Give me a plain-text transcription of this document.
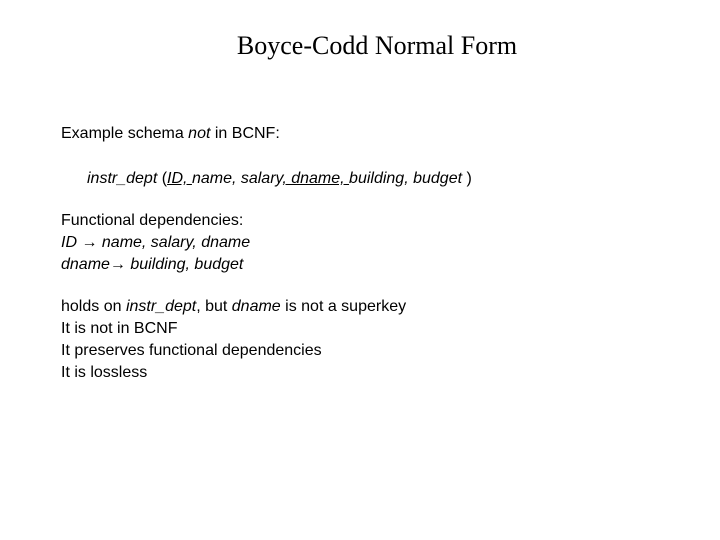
Boyce-Codd Normal Form
Example schema not in BCNF:
instr_dept (ID, name, salary, dname, building, budget )
Functional dependencies:
ID → name, salary, dname
dname→ building, budget
holds on instr_dept, but dname is not a superkey
It is not in BCNF
It preserves functional dependencies
It is lossless
